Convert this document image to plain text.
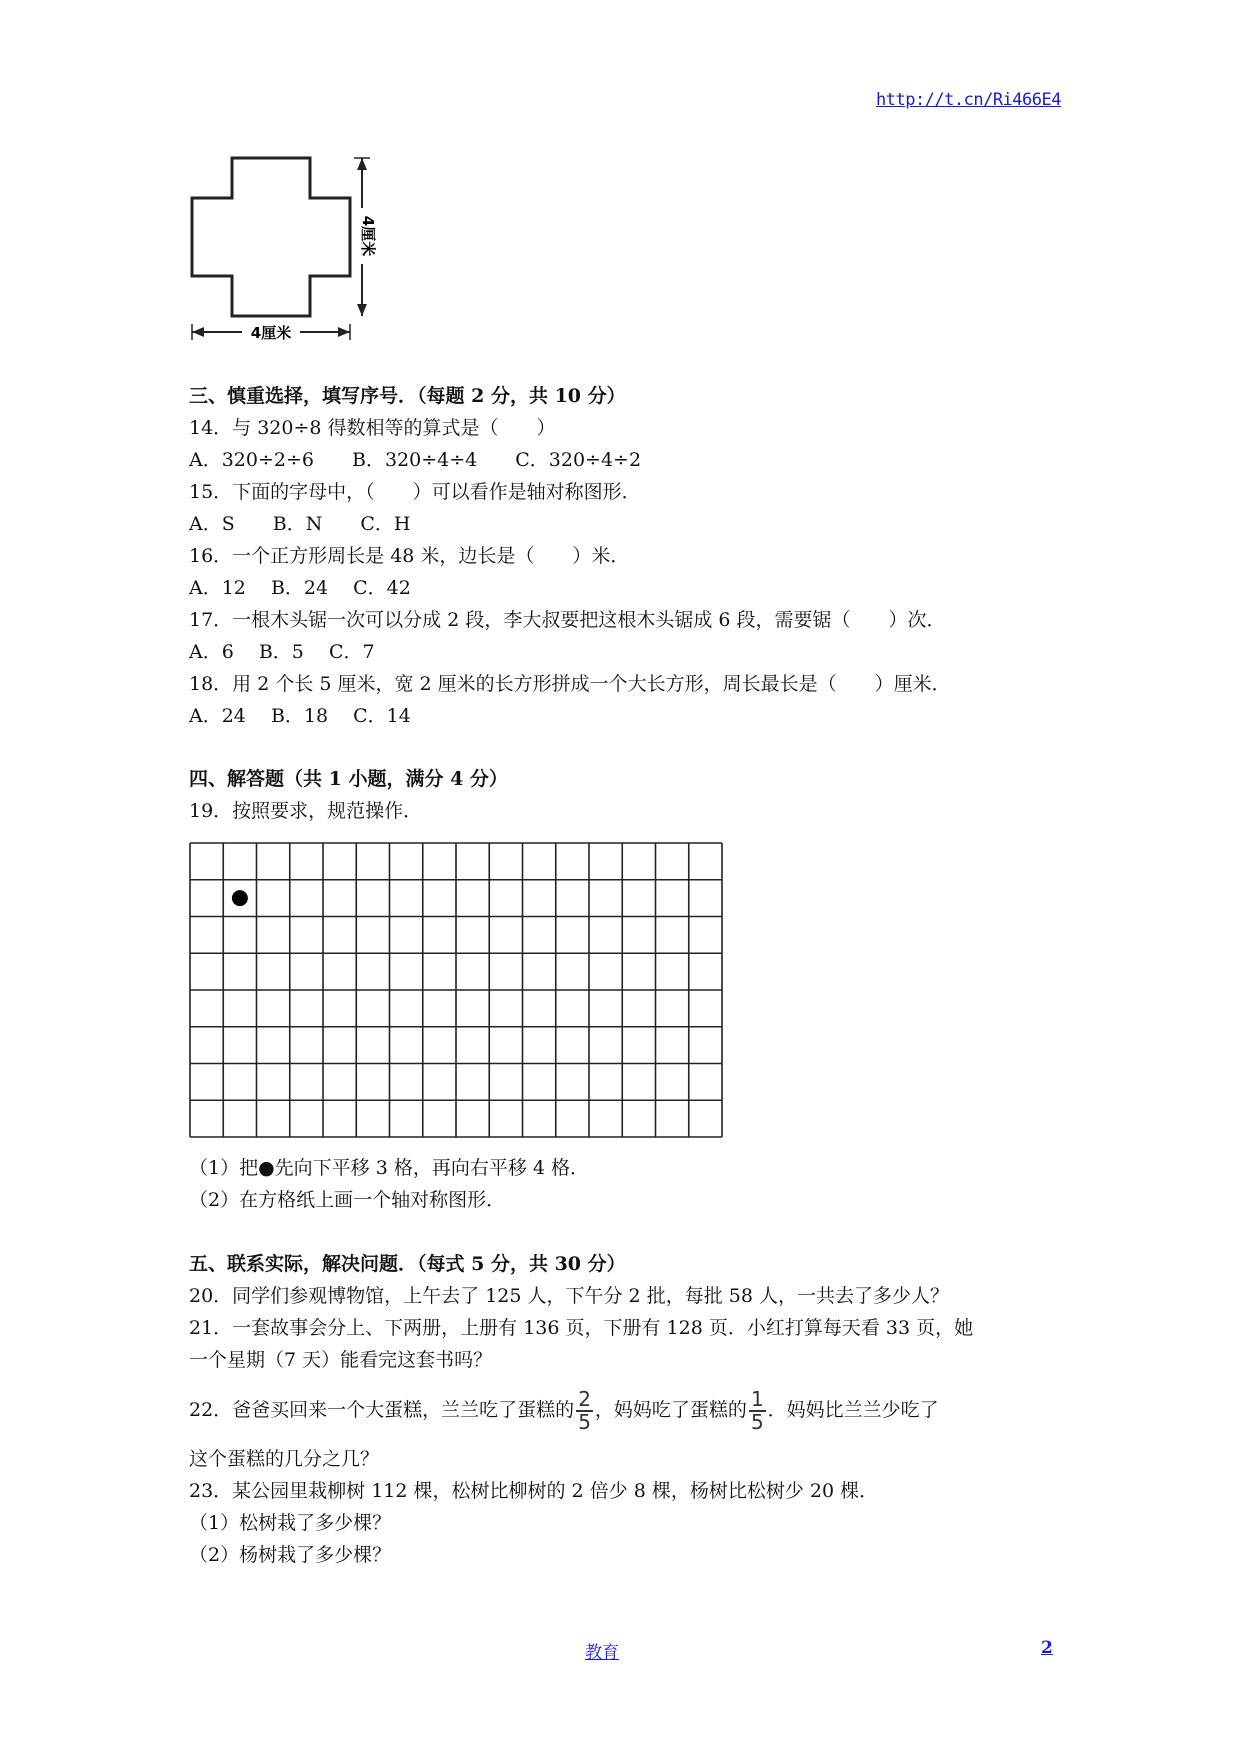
http://t.cn/Ri466E4
4厘米
4厘米
三、慎重选择，填写序号．（每题 2 分，共 10 分）
14．与 320÷8 得数相等的算式是（　　）
A．320÷2÷6　　B．320÷4÷4　　C．320÷4÷2
15．下面的字母中，（　　）可以看作是轴对称图形．
A．S　　B．N　　C．H
16．一个正方形周长是 48 米，边长是（　　）米．
A．12　 B．24　 C．42
17．一根木头锯一次可以分成 2 段，李大叔要把这根木头锯成 6 段，需要锯（　　）次．
A．6　 B．5　 C．7
18．用 2 个长 5 厘米，宽 2 厘米的长方形拼成一个大长方形，周长最长是（　　）厘米．
A．24　 B．18　 C．14
四、解答题（共 1 小题，满分 4 分）
19．按照要求，规范操作．
（1）把●先向下平移 3 格，再向右平移 4 格．
（2）在方格纸上画一个轴对称图形．
五、联系实际，解决问题．（每式 5 分，共 30 分）
20．同学们参观博物馆，上午去了 125 人，下午分 2 批，每批 58 人，一共去了多少人？
21．一套故事会分上、下两册，上册有 136 页，下册有 128 页．小红打算每天看 33 页，她
一个星期（7 天）能看完这套书吗？
22．爸爸买回来一个大蛋糕，兰兰吃了蛋糕的 $\frac{2}{5}$ ，妈妈吃了蛋糕的 $\frac{1}{5}$ ．妈妈比兰兰少吃了
这个蛋糕的几分之几？
23．某公园里栽柳树 112 棵，松树比柳树的 2 倍少 8 棵，杨树比松树少 20 棵．
（1）松树栽了多少棵？
（2）杨树栽了多少棵？
教育	2
